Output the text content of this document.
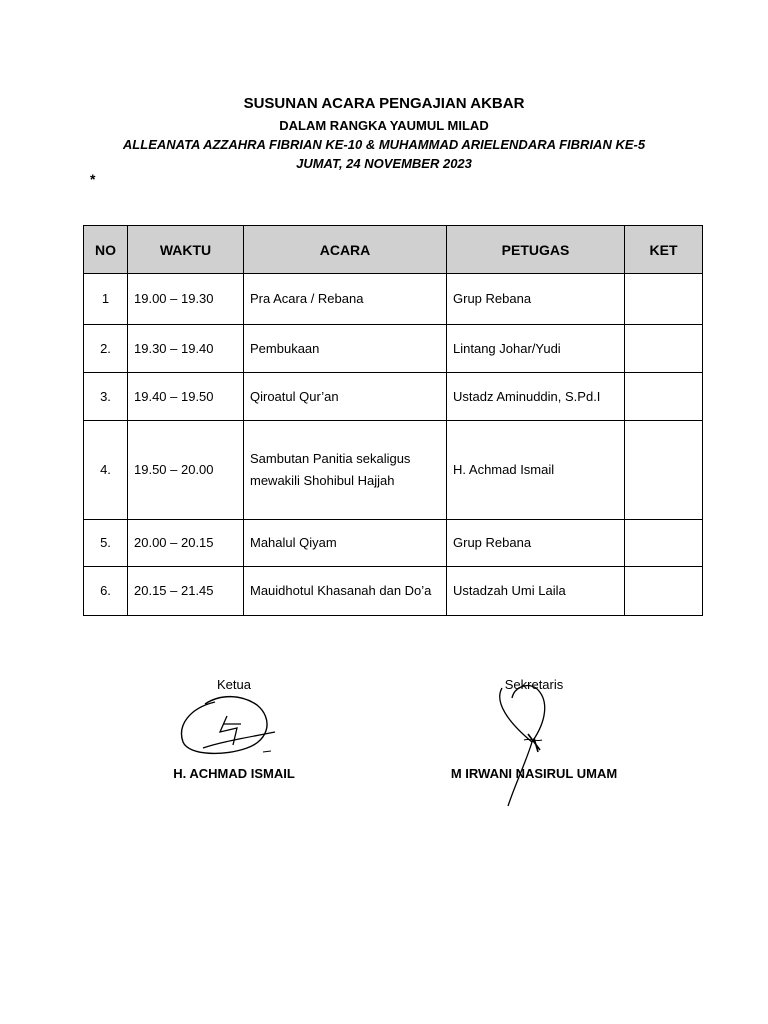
SUSUNAN ACARA PENGAJIAN AKBAR
DALAM RANGKA YAUMUL MILAD
ALLEANATA AZZAHRA FIBRIAN KE-10 & MUHAMMAD ARIELENDARA FIBRIAN KE-5
JUMAT, 24 NOVEMBER 2023
*
NO	WAKTU	ACARA	PETUGAS	KET
1	19.00 – 19.30	Pra Acara / Rebana	Grup Rebana	
2.	19.30 – 19.40	Pembukaan	Lintang Johar/Yudi	
3.	19.40 – 19.50	Qiroatul Qur’an	Ustadz Aminuddin, S.Pd.I	
4.	19.50 – 20.00	Sambutan Panitia sekaligus mewakili Shohibul Hajjah	H. Achmad Ismail	
5.	20.00 – 20.15	Mahalul Qiyam	Grup Rebana	
6.	20.15 – 21.45	Mauidhotul Khasanah dan Do’a	Ustadzah Umi Laila	
Ketua
H. ACHMAD ISMAIL
Sekretaris
M IRWANI NASIRUL UMAM
